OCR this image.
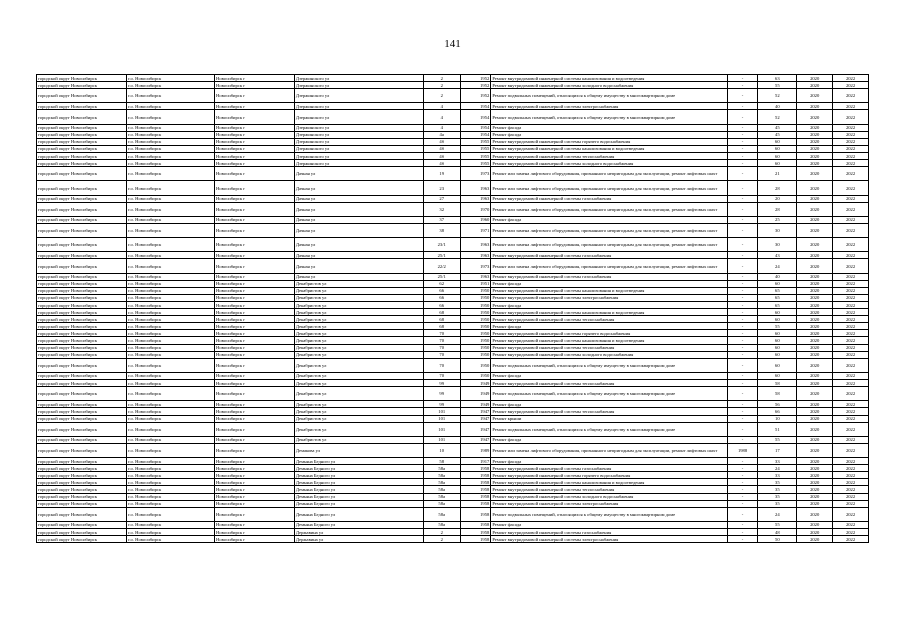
141
городской округ Новосибирск	г.о. Новосибирск	Новосибирск г	Дзержинского ул	2	1952	Ремонт внутридомовой инженерной системы канализования и водоотведения	-	63	2020	2022
городской округ Новосибирск	г.о. Новосибирск	Новосибирск г	Дзержинского ул	2	1952	Ремонт внутридомовой инженерной системы холодного водоснабжения	-	55	2020	2022
городской округ Новосибирск	г.о. Новосибирск	Новосибирск г	Дзержинского ул	2	1952	Ремонт подвальных помещений, относящихся к общему имуществу в многоквартирном доме	-	52	2020	2022
городской округ Новосибирск	г.о. Новосибирск	Новосибирск г	Дзержинского ул	4	1954	Ремонт внутридомовой инженерной системы электроснабжения	-	40	2020	2022
городской округ Новосибирск	г.о. Новосибирск	Новосибирск г	Дзержинского ул	4	1954	Ремонт подвальных помещений, относящихся к общему имуществу в многоквартирном доме	-	52	2020	2022
городской округ Новосибирск	г.о. Новосибирск	Новосибирск г	Дзержинского ул	4	1954	Ремонт фасада	-	45	2020	2022
городской округ Новосибирск	г.о. Новосибирск	Новосибирск г	Дзержинского ул	4а	1954	Ремонт фасада	-	45	2020	2022
городской округ Новосибирск	г.о. Новосибирск	Новосибирск г	Дзержинского ул	4б	1955	Ремонт внутридомовой инженерной системы горячего водоснабжения	-	60	2020	2022
городской округ Новосибирск	г.о. Новосибирск	Новосибирск г	Дзержинского ул	4б	1955	Ремонт внутридомовой инженерной системы канализования и водоотведения	-	60	2020	2022
городской округ Новосибирск	г.о. Новосибирск	Новосибирск г	Дзержинского ул	4б	1955	Ремонт внутридомовой инженерной системы теплоснабжения	-	60	2020	2022
городской округ Новосибирск	г.о. Новосибирск	Новосибирск г	Дзержинского ул	4б	1955	Ремонт внутридомовой инженерной системы холодного водоснабжения	-	60	2020	2022
городской округ Новосибирск	г.о. Новосибирск	Новосибирск г	Дачная ул	19	1973	Ремонт или замена лифтового оборудования, признанного непригодным для эксплуатации, ремонт лифтовых шахт	-	21	2020	2022
городской округ Новосибирск	г.о. Новосибирск	Новосибирск г	Дачная ул	23	1963	Ремонт или замена лифтового оборудования, признанного непригодным для эксплуатации, ремонт лифтовых шахт	-	28	2020	2022
городской округ Новосибирск	г.о. Новосибирск	Новосибирск г	Дачная ул	27	1963	Ремонт внутридомовой инженерной системы газоснабжения	-	20	2020	2022
городской округ Новосибирск	г.о. Новосибирск	Новосибирск г	Дачная ул	32	1970	Ремонт или замена лифтового оборудования, признанного непригодным для эксплуатации, ремонт лифтовых шахт	-	28	2020	2022
городской округ Новосибирск	г.о. Новосибирск	Новосибирск г	Дачная ул	37	1960	Ремонт фасада	-	25	2020	2022
городской округ Новосибирск	г.о. Новосибирск	Новосибирск г	Дачная ул	38	1971	Ремонт или замена лифтового оборудования, признанного непригодным для эксплуатации, ремонт лифтовых шахт	-	30	2020	2022
городской округ Новосибирск	г.о. Новосибирск	Новосибирск г	Дачная ул	23/1	1963	Ремонт или замена лифтового оборудования, признанного непригодным для эксплуатации, ремонт лифтовых шахт	-	30	2020	2022
городской округ Новосибирск	г.о. Новосибирск	Новосибирск г	Дачная ул	25/1	1963	Ремонт внутридомовой инженерной системы газоснабжения	-	43	2020	2022
городской округ Новосибирск	г.о. Новосибирск	Новосибирск г	Дачная ул	22/2	1973	Ремонт или замена лифтового оборудования, признанного непригодным для эксплуатации, ремонт лифтовых шахт	-	24	2020	2022
городской округ Новосибирск	г.о. Новосибирск	Новосибирск г	Дачная ул	25/1	1963	Ремонт внутридомовой инженерной системы газоснабжения	-	40	2020	2022
городской округ Новосибирск	г.о. Новосибирск	Новосибирск г	Декабристов ул	62	1951	Ремонт фасада	-	60	2020	2022
городской округ Новосибирск	г.о. Новосибирск	Новосибирск г	Декабристов ул	66	1950	Ремонт внутридомовой инженерной системы канализования и водоотведения	-	65	2020	2022
городской округ Новосибирск	г.о. Новосибирск	Новосибирск г	Декабристов ул	66	1950	Ремонт внутридомовой инженерной системы электроснабжения	-	65	2020	2022
городской округ Новосибирск	г.о. Новосибирск	Новосибирск г	Декабристов ул	66	1950	Ремонт фасада	-	65	2020	2022
городской округ Новосибирск	г.о. Новосибирск	Новосибирск г	Декабристов ул	68	1950	Ремонт внутридомовой инженерной системы канализования и водоотведения	-	60	2020	2022
городской округ Новосибирск	г.о. Новосибирск	Новосибирск г	Декабристов ул	68	1950	Ремонт внутридомовой инженерной системы теплоснабжения	-	60	2020	2022
городской округ Новосибирск	г.о. Новосибирск	Новосибирск г	Декабристов ул	68	1950	Ремонт фасада	-	55	2020	2022
городской округ Новосибирск	г.о. Новосибирск	Новосибирск г	Декабристов ул	70	1950	Ремонт внутридомовой инженерной системы горячего водоснабжения	-	60	2020	2022
городской округ Новосибирск	г.о. Новосибирск	Новосибирск г	Декабристов ул	70	1950	Ремонт внутридомовой инженерной системы канализования и водоотведения	-	60	2020	2022
городской округ Новосибирск	г.о. Новосибирск	Новосибирск г	Декабристов ул	70	1950	Ремонт внутридомовой инженерной системы теплоснабжения	-	60	2020	2022
городской округ Новосибирск	г.о. Новосибирск	Новосибирск г	Декабристов ул	70	1950	Ремонт внутридомовой инженерной системы холодного водоснабжения	-	60	2020	2022
городской округ Новосибирск	г.о. Новосибирск	Новосибирск г	Декабристов ул	70	1950	Ремонт подвальных помещений, относящихся к общему имуществу в многоквартирном доме	-	60	2020	2022
городской округ Новосибирск	г.о. Новосибирск	Новосибирск г	Декабристов ул	70	1950	Ремонт фасада	-	60	2020	2022
городской округ Новосибирск	г.о. Новосибирск	Новосибирск г	Декабристов ул	99	1949	Ремонт внутридомовой инженерной системы теплоснабжения	-	58	2020	2022
городской округ Новосибирск	г.о. Новосибирск	Новосибирск г	Декабристов ул	99	1949	Ремонт подвальных помещений, относящихся к общему имуществу в многоквартирном доме	-	58	2020	2022
городской округ Новосибирск	г.о. Новосибирск	Новосибирск г	Декабристов ул	99	1949	Ремонт фасада	-	56	2020	2022
городской округ Новосибирск	г.о. Новосибирск	Новосибирск г	Декабристов ул	101	1947	Ремонт внутридомовой инженерной системы теплоснабжения	-	66	2020	2022
городской округ Новосибирск	г.о. Новосибирск	Новосибирск г	Декабристов ул	101	1947	Ремонт крыши	-	10	2020	2022
городской округ Новосибирск	г.о. Новосибирск	Новосибирск г	Декабристов ул	101	1947	Ремонт подвальных помещений, относящихся к общему имуществу в многоквартирном доме	-	51	2020	2022
городской округ Новосибирск	г.о. Новосибирск	Новосибирск г	Декабристов ул	101	1947	Ремонт фасада	-	55	2020	2022
городской округ Новосибирск	г.о. Новосибирск	Новосибирск г	Демакова ул	10	1989	Ремонт или замена лифтового оборудования, признанного непригодным для эксплуатации, ремонт лифтовых шахт	1988	17	2020	2022
городской округ Новосибирск	г.о. Новосибирск	Новосибирск г	Демьяна Бедного ул	58	1917	Ремонт фасада	-	33	2020	2022
городской округ Новосибирск	г.о. Новосибирск	Новосибирск г	Демьяна Бедного ул	58а	1958	Ремонт внутридомовой инженерной системы газоснабжения	-	24	2020	2022
городской округ Новосибирск	г.о. Новосибирск	Новосибирск г	Демьяна Бедного ул	58а	1958	Ремонт внутридомовой инженерной системы горячего водоснабжения	-	33	2020	2022
городской округ Новосибирск	г.о. Новосибирск	Новосибирск г	Демьяна Бедного ул	58а	1958	Ремонт внутридомовой инженерной системы канализования и водоотведения	-	35	2020	2022
городской округ Новосибирск	г.о. Новосибирск	Новосибирск г	Демьяна Бедного ул	58а	1958	Ремонт внутридомовой инженерной системы теплоснабжения	-	35	2020	2022
городской округ Новосибирск	г.о. Новосибирск	Новосибирск г	Демьяна Бедного ул	58а	1958	Ремонт внутридомовой инженерной системы холодного водоснабжения	-	35	2020	2022
городской округ Новосибирск	г.о. Новосибирск	Новосибирск г	Демьяна Бедного ул	58а	1958	Ремонт внутридомовой инженерной системы электроснабжения	-	35	2020	2022
городской округ Новосибирск	г.о. Новосибирск	Новосибирск г	Демьяна Бедного ул	58а	1958	Ремонт подвальных помещений, относящихся к общему имуществу в многоквартирном доме	-	24	2020	2022
городской округ Новосибирск	г.о. Новосибирск	Новосибирск г	Демьяна Бедного ул	58а	1958	Ремонт фасада	-	55	2020	2022
городской округ Новосибирск	г.о. Новосибирск	Новосибирск г	Державина ул	2	1958	Ремонт внутридомовой инженерной системы газоснабжения	-	48	2020	2022
городской округ Новосибирск	г.о. Новосибирск	Новосибирск г	Державина ул	2	1958	Ремонт внутридомовой инженерной системы электроснабжения	-	50	2020	2022
